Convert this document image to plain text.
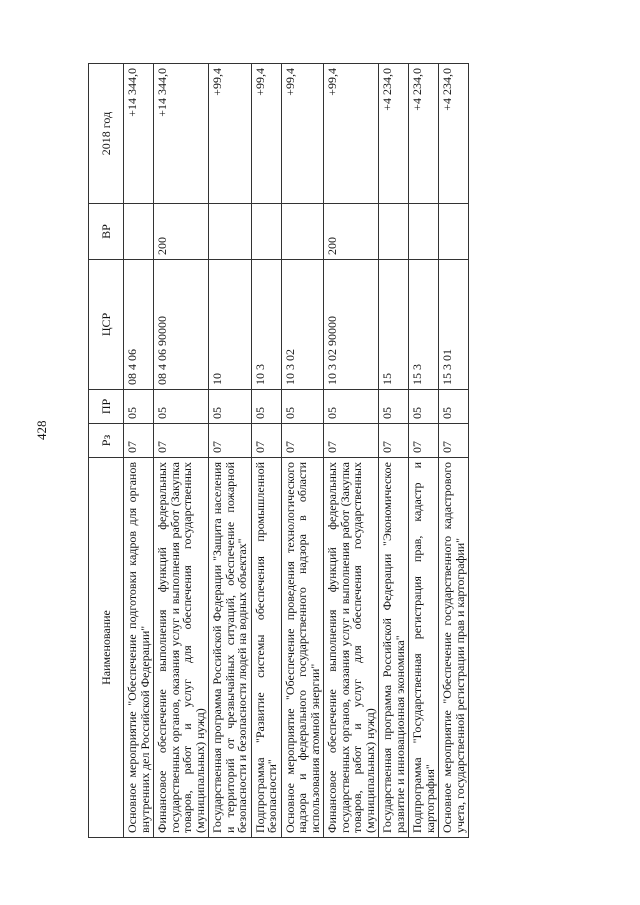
428
Наименование	Рз	ПР	ЦСР	ВР	2018 год
Основное мероприятие "Обеспечение подготовки кадров для органов внутренних дел Российской Федерации"	07	05	08 4 06		+14 344,0
Финансовое обеспечение выполнения функций федеральных государственных органов, оказания услуг и выполнения работ (Закупка товаров, работ и услуг для обеспечения государственных (муниципальных) нужд)	07	05	08 4 06 90000	200	+14 344,0
Государственная программа Российской Федерации "Защита населения и территорий от чрезвычайных ситуаций, обеспечение пожарной безопасности и безопасности людей на водных объектах"	07	05	10		+99,4
Подпрограмма "Развитие системы обеспечения промышленной безопасности"	07	05	10 3		+99,4
Основное мероприятие "Обеспечение проведения технологического надзора и федерального государственного надзора в области использования атомной энергии"	07	05	10 3 02		+99,4
Финансовое обеспечение выполнения функций федеральных государственных органов, оказания услуг и выполнения работ (Закупка товаров, работ и услуг для обеспечения государственных (муниципальных) нужд)	07	05	10 3 02 90000	200	+99,4
Государственная программа Российской Федерации "Экономическое развитие и инновационная экономика"	07	05	15		+4 234,0
Подпрограмма "Государственная регистрация прав, кадастр и картография"	07	05	15 3		+4 234,0
Основное мероприятие "Обеспечение государственного кадастрового учета, государственной регистрации прав и картографии"	07	05	15 3 01		+4 234,0
